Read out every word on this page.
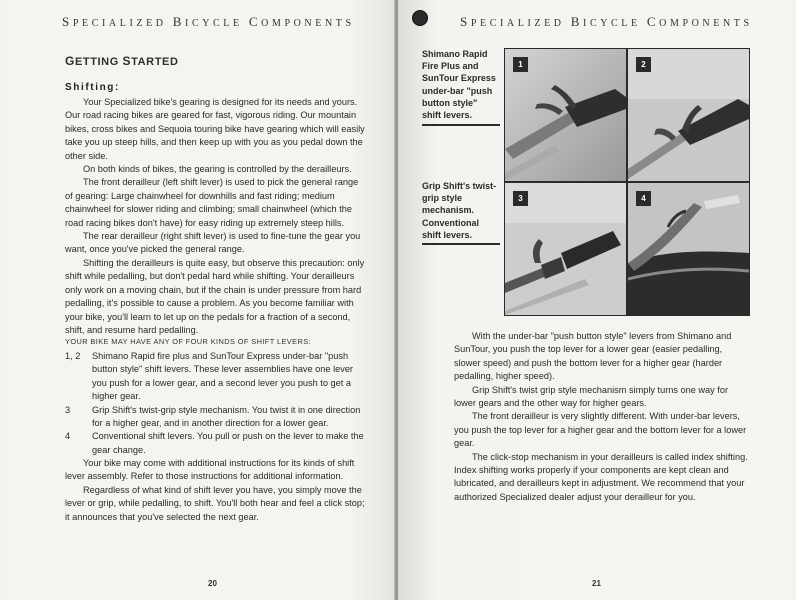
SPECIALIZED BICYCLE COMPONENTS
GETTING STARTED
Shifting:

Your Specialized bike's gearing is designed for its needs and yours. Our road racing bikes are geared for fast, vigorous riding. Our mountain bikes, cross bikes and Sequoia touring bike have gearing which will easily take you up steep hills, and then keep up with you as you pedal down the other side.

On both kinds of bikes, the gearing is controlled by the derailleurs.

The front derailleur (left shift lever) is used to pick the general range of gearing: Large chainwheel for downhills and fast riding; medium chainwheel for slower riding and climbing; small chainwheel (which the road racing bikes don't have) for easy riding up extremely steep hills.

The rear derailleur (right shift lever) is used to fine-tune the gear you want, once you've picked the general range.

Shifting the derailleurs is quite easy, but observe this precaution: only shift while pedalling, but don't pedal hard while shifting. Your derailleurs only work on a moving chain, but if the chain is under pressure from hard pedalling, it's possible to cause a problem. As you become familiar with your bike, you'll learn to let up on the pedals for a fraction of a second, shift, and resume hard pedalling.

YOUR BIKE MAY HAVE ANY OF FOUR KINDS OF SHIFT LEVERS:
1, 2 Shimano Rapid fire plus and SunTour Express under-bar "push button style" shift levers. These lever assemblies have one lever you push for a lower gear, and a second lever you push to get a higher gear.
3 Grip Shift's twist-grip style mechanism. You twist it in one direction for a higher gear, and in another direction for a lower gear.
4 Conventional shift levers. You pull or push on the lever to make the gear change.

Your bike may come with additional instructions for its kinds of shift lever assembly. Refer to those instructions for additional information.

Regardless of what kind of shift lever you have, you simply move the lever or grip, while pedalling, to shift. You'll both hear and feel a click stop; it announces that you've selected the next gear.

20
SPECIALIZED BICYCLE COMPONENTS
Shimano Rapid Fire Plus and SunTour Express under-bar "push button style" shift levers.
Grip Shift's twist-grip style mechanism. Conventional shift levers.
1	2
3	4

With the under-bar "push button style" levers from Shimano and SunTour, you push the top lever for a lower gear (easier pedalling, slower speed) and push the bottom lever for a higher gear (harder pedalling, higher speed).

Grip Shift's twist grip style mechanism simply turns one way for lower gears and the other way for higher gears.

The front derailleur is very slightly different. With under-bar levers, you push the top lever for a higher gear and the bottom lever for a lower gear.

The click-stop mechanism in your derailleurs is called index shifting. Index shifting works properly if your components are kept clean and lubricated, and derailleurs kept in adjustment. We recommend that your authorized Specialized dealer adjust your derailleur for you.

21
